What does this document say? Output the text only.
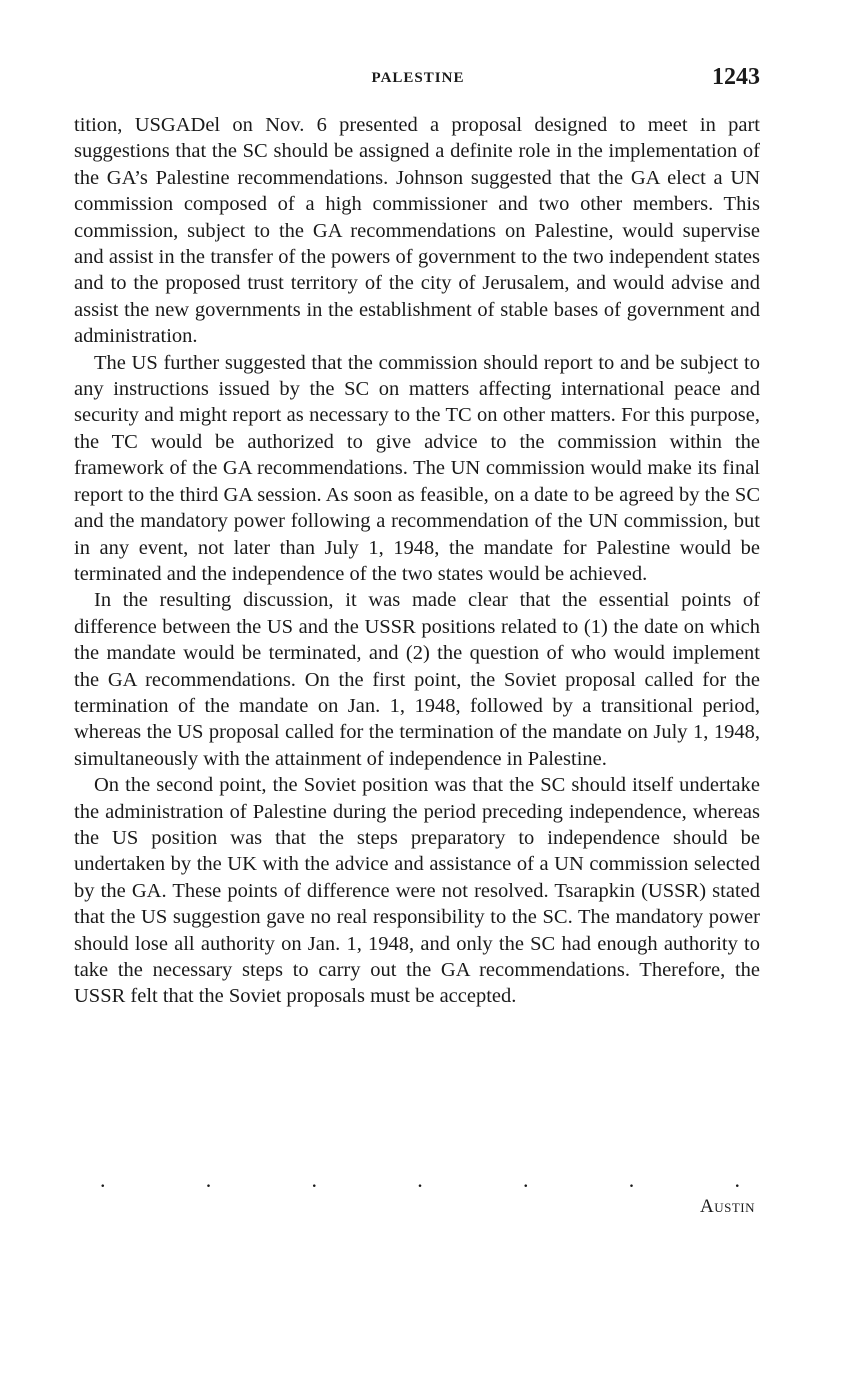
PALESTINE	1243

tition, USGADel on Nov. 6 presented a proposal designed to meet in part suggestions that the SC should be assigned a definite role in the implementation of the GA’s Palestine recommendations. Johnson suggested that the GA elect a UN commission composed of a high commissioner and two other members. This commission, subject to the GA recommendations on Palestine, would supervise and assist in the transfer of the powers of government to the two independent states and to the proposed trust territory of the city of Jerusalem, and would advise and assist the new governments in the establishment of stable bases of government and administration.

The US further suggested that the commission should report to and be subject to any instructions issued by the SC on matters affecting international peace and security and might report as necessary to the TC on other matters. For this purpose, the TC would be authorized to give advice to the commission within the framework of the GA recommendations. The UN commission would make its final report to the third GA session. As soon as feasible, on a date to be agreed by the SC and the mandatory power following a recommendation of the UN commission, but in any event, not later than July 1, 1948, the mandate for Palestine would be terminated and the independence of the two states would be achieved.

In the resulting discussion, it was made clear that the essential points of difference between the US and the USSR positions related to (1) the date on which the mandate would be terminated, and (2) the question of who would implement the GA recommendations. On the first point, the Soviet proposal called for the termination of the mandate on Jan. 1, 1948, followed by a transitional period, whereas the US proposal called for the termination of the mandate on July 1, 1948, simultaneously with the attainment of independence in Palestine.

On the second point, the Soviet position was that the SC should itself undertake the administration of Palestine during the period preceding independence, whereas the US position was that the steps preparatory to independence should be undertaken by the UK with the advice and assistance of a UN commission selected by the GA. These points of difference were not resolved. Tsarapkin (USSR) stated that the US suggestion gave no real responsibility to the SC. The mandatory power should lose all authority on Jan. 1, 1948, and only the SC had enough authority to take the necessary steps to carry out the GA recommendations. Therefore, the USSR felt that the Soviet proposals must be accepted.

.	.	.	.	.	.	.
Austin
